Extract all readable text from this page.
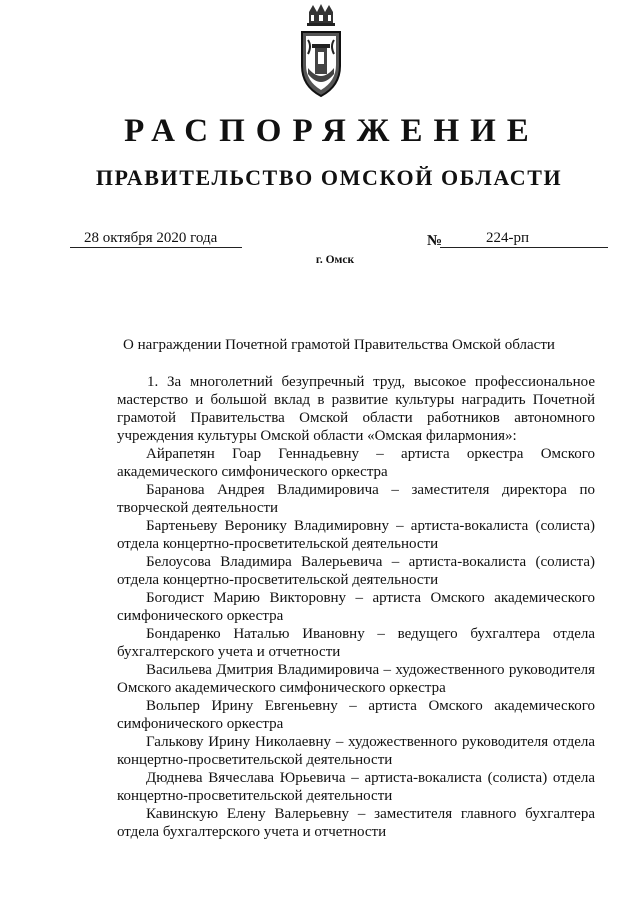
РАСПОРЯЖЕНИЕ
ПРАВИТЕЛЬСТВО ОМСКОЙ ОБЛАСТИ
28 октября 2020 года	№	224-рп
г. Омск
О награждении Почетной грамотой Правительства Омской области

1. За многолетний безупречный труд, высокое профессиональное
мастерство и большой вклад в развитие культуры наградить Почетной грамотой Правительства Омской области работников автономного учреждения культуры Омской области «Омская филармония»:

Айрапетян Гоар Геннадьевну – артиста оркестра Омского
академического симфонического оркестра

Баранова Андрея Владимировича – заместителя директора по
творческой деятельности

Бартеньеву Веронику Владимировну – артиста-вокалиста (солиста)
отдела концертно-просветительской деятельности

Белоусова Владимира Валерьевича – артиста-вокалиста (солиста)
отдела концертно-просветительской деятельности

Богодист Марию Викторовну – артиста Омского академического
симфонического оркестра

Бондаренко Наталью Ивановну – ведущего бухгалтера отдела
бухгалтерского учета и отчетности

Васильева Дмитрия Владимировича – художественного руководителя
Омского академического симфонического оркестра

Вольпер Ирину Евгеньевну – артиста Омского академического
симфонического оркестра

Галькову Ирину Николаевну – художественного руководителя отдела
концертно-просветительской деятельности

Дюднева Вячеслава Юрьевича – артиста-вокалиста (солиста) отдела
концертно-просветительской деятельности

Кавинскую Елену Валерьевну – заместителя главного бухгалтера
отдела бухгалтерского учета и отчетности
